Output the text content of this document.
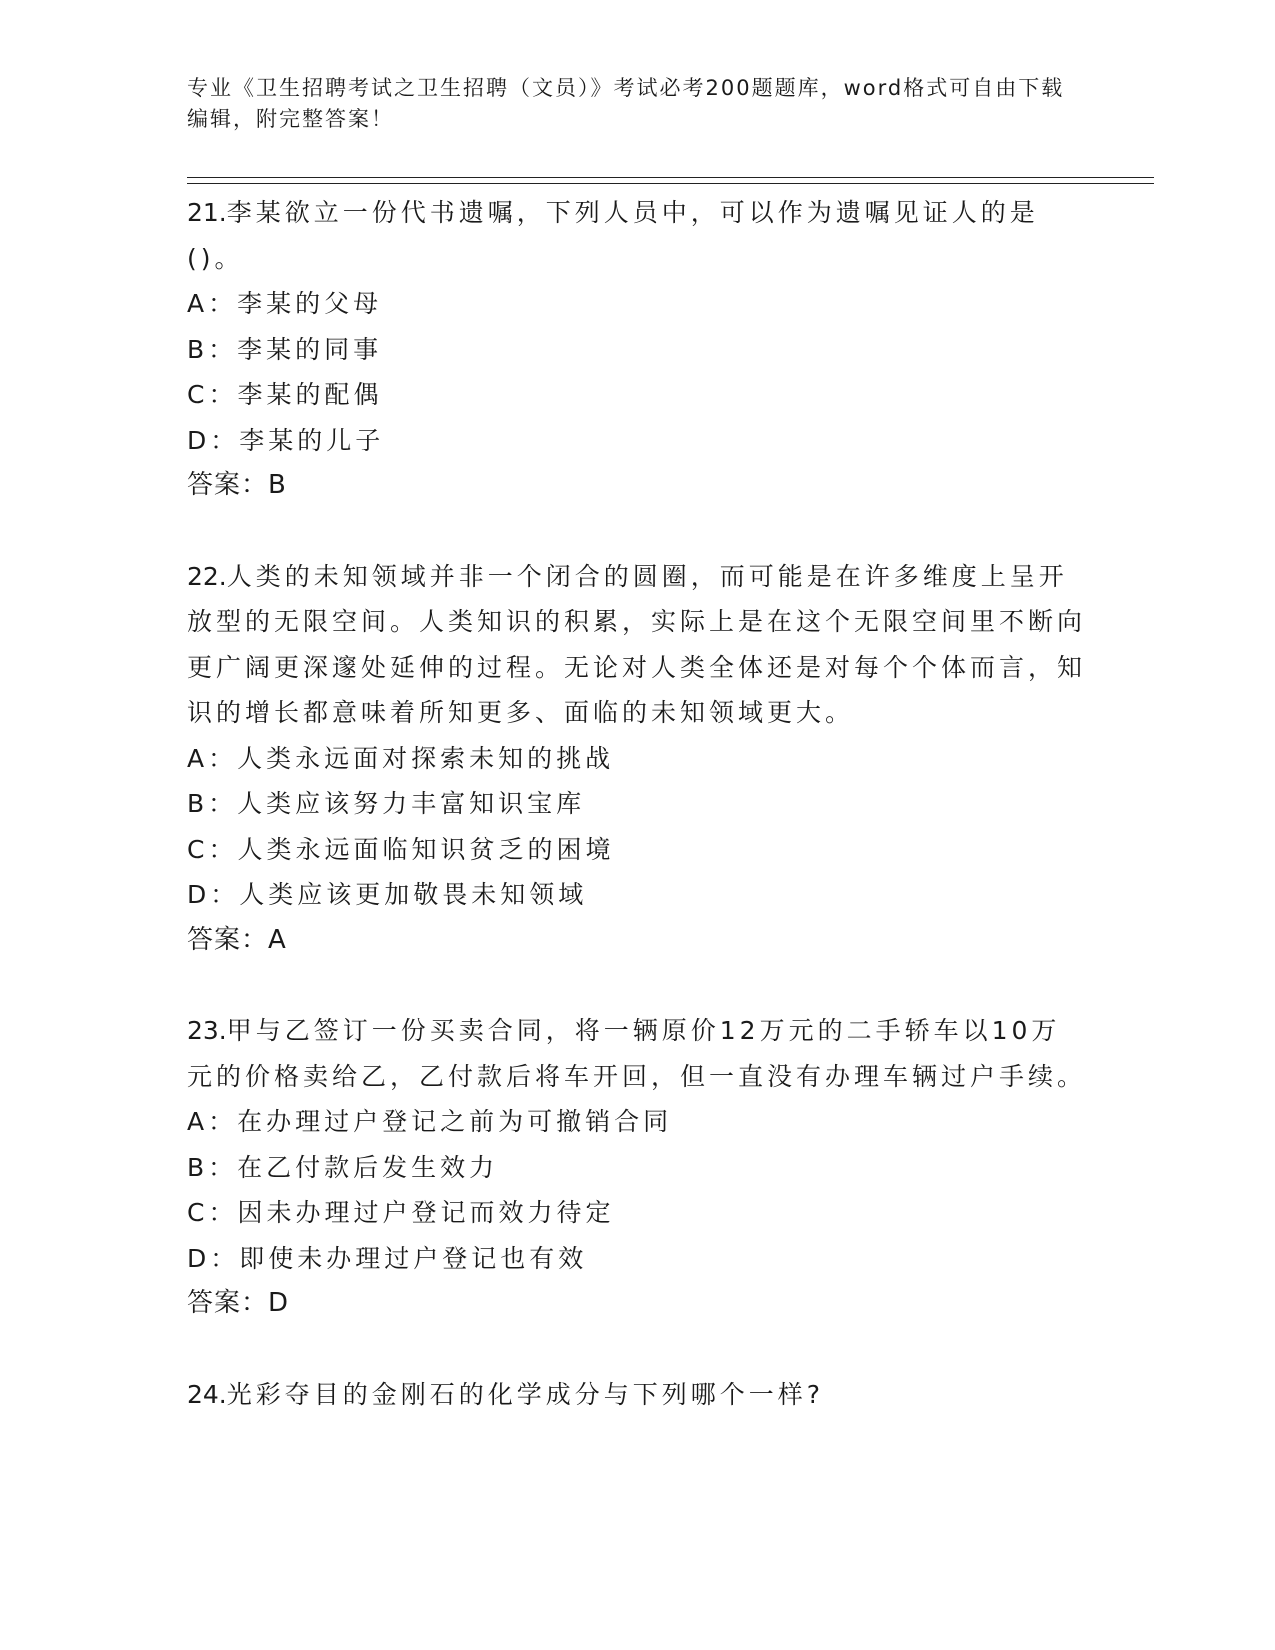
专业《卫生招聘考试之卫生招聘（文员）》考试必考200题题库，word格式可自由下载编辑，附完整答案！

21.李某欲立一份代书遗嘱，下列人员中，可以作为遗嘱见证人的是()。

A：李某的父母

B：李某的同事

C：李某的配偶

D：李某的儿子

答案：B

22.人类的未知领域并非一个闭合的圆圈，而可能是在许多维度上呈开放型的无限空间。人类知识的积累，实际上是在这个无限空间里不断向更广阔更深邃处延伸的过程。无论对人类全体还是对每个个体而言，知识的增长都意味着所知更多、面临的未知领域更大。

A：人类永远面对探索未知的挑战

B：人类应该努力丰富知识宝库

C：人类永远面临知识贫乏的困境

D：人类应该更加敬畏未知领域

答案：A

23.甲与乙签订一份买卖合同，将一辆原价12万元的二手轿车以10万元的价格卖给乙，乙付款后将车开回，但一直没有办理车辆过户手续。

A：在办理过户登记之前为可撤销合同

B：在乙付款后发生效力

C：因未办理过户登记而效力待定

D：即使未办理过户登记也有效

答案：D

24.光彩夺目的金刚石的化学成分与下列哪个一样?
